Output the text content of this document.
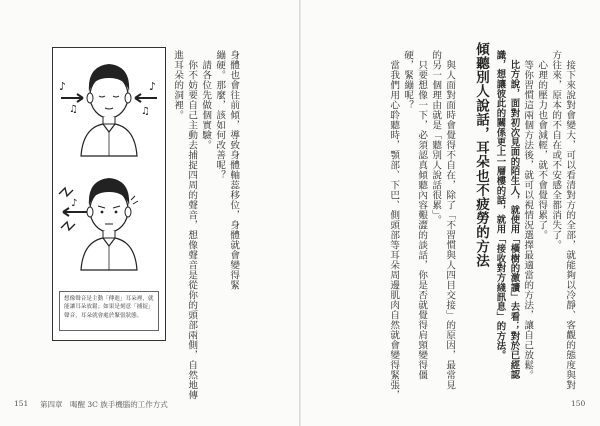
♪
♫
♪
♫
♪
想像聲音是主動「傳進」耳朵裡，就能讓耳朵放鬆；如果是刻意「捕捉」聲音，耳朵就會處於緊張狀態。
身體也會往前傾，導致身體軸蕊移位，身體就會變得緊
繃硬。那麼，該如何改善呢？
　請各位先做個實驗。
　你不妨要自己主動去捕捉四周的聲音，想像聲音是從你的頭部兩側，自然地傳
進耳朵的洞裡。
151 第四章　喝醒 3C 族手機腦的工作方式
　接下來說對會變大，可以看清對方的全部，就能夠以冷靜、客觀的態度與對
方往來，原本的不自在或不安感全都消失了。
　心理的壓力也會減輕，就不會覺得累了。
　等你習慣這兩個方法後，就可以視情況選擇最適當的方法，讓自己放鬆。
　比方說，面對初次見面的陌生人，就使用「橫樹的激讀」去看；對於已經認
識，想讓彼此的關係更上一層樓的話，就用「接收對方綫訊息」的方法。
傾聽別人說話，耳朵也不疲勞的方法
　與人面對面時會覺得不自在，除了「不習慣與人四目交接」的原因，最常見
的另一個理由就是「聽別人說話很累」。
　只要想像一下，必須認真傾聽內容艱澀的談話，你是否就覺得肩頸變得僵
硬，緊繃呢？
　當我們用心聆聽時，顎部、下巴、側頭部等耳朵周邊肌肉自然就會變得緊張，
150
